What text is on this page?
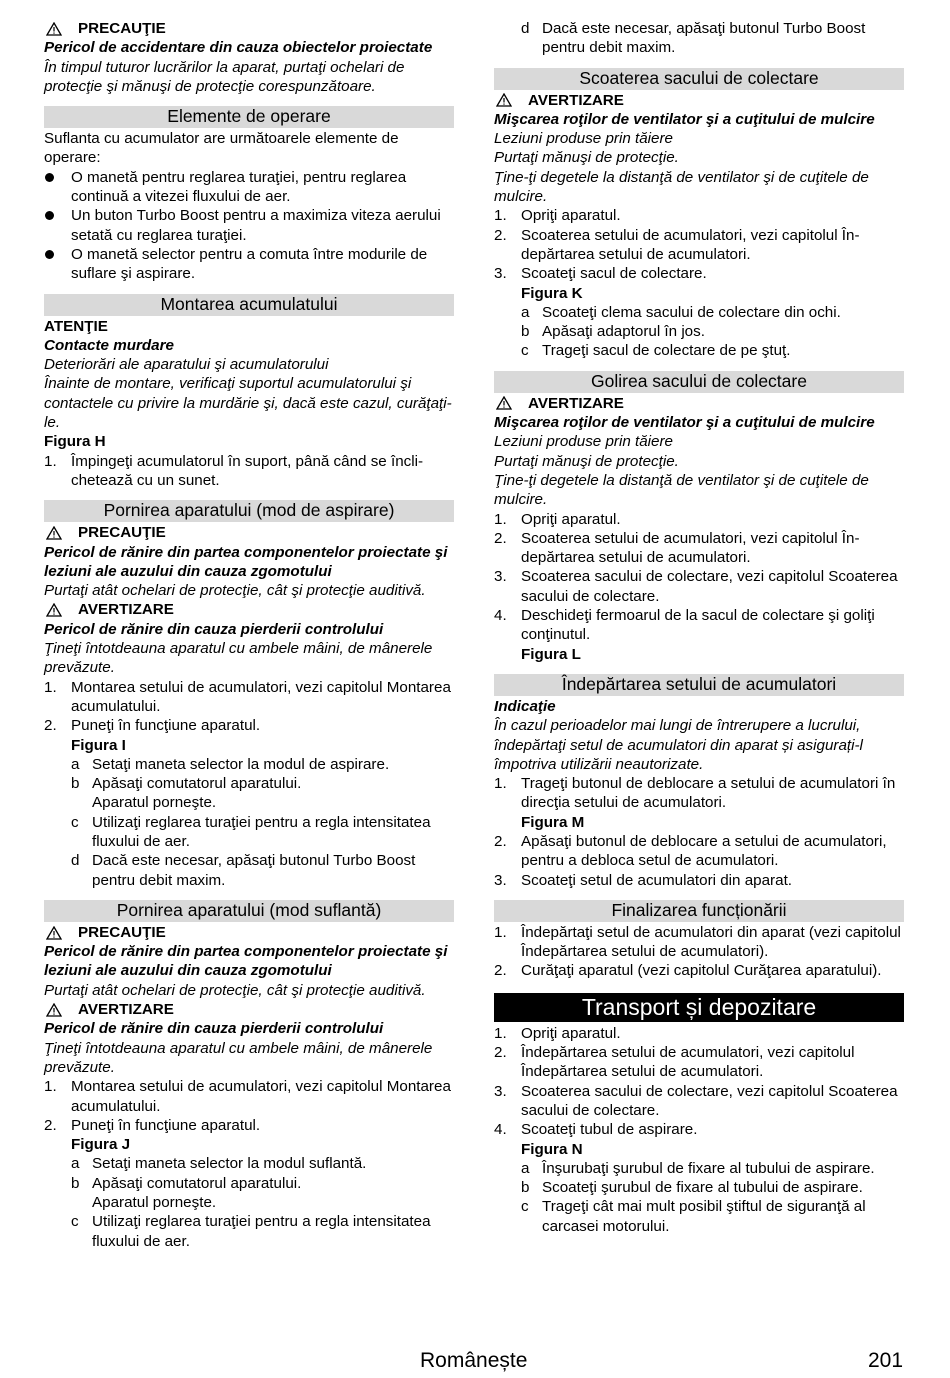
PRECAUŢIE

Pericol de accidentare din cauza obiectelor proiectate

În timpul tuturor lucrărilor la aparat, purtaţi ochelari de protecţie şi mănuşi de protecţie corespunzătoare.

Elemente de operare

Suflanta cu acumulator are următoarele elemente de operare:

O manetă pentru reglarea turaţiei, pentru reglarea continuă a vitezei fluxului de aer.
Un buton Turbo Boost pentru a maximiza viteza aerului setată cu reglarea turaţiei.
O manetă selector pentru a comuta între modurile de suflare şi aspirare.
Montarea acumulatului

ATENŢIE

Contacte murdare

Deteriorări ale aparatului şi acumulatorului

Înainte de montare, verificaţi suportul acumulatorului şi contactele cu privire la murdărie şi, dacă este cazul, curăţaţi-le.

Figura H

1. Împingeţi acumulatorul în suport, până când se înclichetează cu un sunet.
Pornirea aparatului (mod de aspirare)
PRECAUŢIE

Pericol de rănire din partea componentelor proiectate şi leziuni ale auzului din cauza zgomotului

Purtaţi atât ochelari de protecţie, cât şi protecţie auditivă.

AVERTIZARE

Pericol de rănire din cauza pierderii controlului

Ţineţi întotdeauna aparatul cu ambele mâini, de mânerele prevăzute.

1. Montarea setului de acumulatori, vezi capitolul Montarea acumulatului.
2. Puneţi în funcţiune aparatul.

Figura I

a Setaţi maneta selector la modul de aspirare.
b Apăsaţi comutatorul aparatului.
Aparatul porneşte.
c Utilizaţi reglarea turaţiei pentru a regla intensitatea fluxului de aer.
d Dacă este necesar, apăsaţi butonul Turbo Boost pentru debit maxim.
Pornirea aparatului (mod suflantă)
PRECAUŢIE

Pericol de rănire din partea componentelor proiectate şi leziuni ale auzului din cauza zgomotului

Purtaţi atât ochelari de protecţie, cât şi protecţie auditivă.

AVERTIZARE

Pericol de rănire din cauza pierderii controlului

Ţineţi întotdeauna aparatul cu ambele mâini, de mânerele prevăzute.

1. Montarea setului de acumulatori, vezi capitolul Montarea acumulatului.
2. Puneţi în funcţiune aparatul.

Figura J

a Setaţi maneta selector la modul suflantă.
b Apăsaţi comutatorul aparatului.
Aparatul porneşte.
c Utilizaţi reglarea turaţiei pentru a regla intensitatea fluxului de aer.
d Dacă este necesar, apăsaţi butonul Turbo Boost pentru debit maxim.
Scoaterea sacului de colectare
AVERTIZARE

Mişcarea roţilor de ventilator şi a cuţitului de mulcire

Leziuni produse prin tăiere

Purtaţi mănuşi de protecţie.

Ţine-ţi degetele la distanţă de ventilator şi de cuţitele de mulcire.

1. Opriţi aparatul.
2. Scoaterea setului de acumulatori, vezi capitolul Îndepărtarea setului de acumulatori.
3. Scoateţi sacul de colectare.

Figura K

a Scoateţi clema sacului de colectare din ochi.
b Apăsaţi adaptorul în jos.
c Trageţi sacul de colectare de pe ştuţ.
Golirea sacului de colectare
AVERTIZARE

Mişcarea roţilor de ventilator şi a cuţitului de mulcire

Leziuni produse prin tăiere

Purtaţi mănuşi de protecţie.

Ţine-ţi degetele la distanţă de ventilator şi de cuţitele de mulcire.

1. Opriţi aparatul.
2. Scoaterea setului de acumulatori, vezi capitolul Îndepărtarea setului de acumulatori.
3. Scoaterea sacului de colectare, vezi capitolul Scoaterea sacului de colectare.
4. Deschideţi fermoarul de la sacul de colectare şi goliţi conţinutul.

Figura L

Îndepărtarea setului de acumulatori

Indicaţie

În cazul perioadelor mai lungi de întrerupere a lucrului, îndepărtaţi setul de acumulatori din aparat și asigurați-l împotriva utilizării neautorizate.

1. Trageţi butonul de deblocare a setului de acumulatori în direcţia setului de acumulatori.

Figura M

2. Apăsaţi butonul de deblocare a setului de acumulatori, pentru a debloca setul de acumulatori.
3. Scoateţi setul de acumulatori din aparat.
Finalizarea funcționării
1. Îndepărtaţi setul de acumulatori din aparat (vezi capitolul Îndepărtarea setului de acumulatori).
2. Curăţaţi aparatul (vezi capitolul Curăţarea aparatului).
Transport și depozitare
1. Opriţi aparatul.
2. Îndepărtarea setului de acumulatori, vezi capitolul Îndepărtarea setului de acumulatori.
3. Scoaterea sacului de colectare, vezi capitolul Scoaterea sacului de colectare.
4. Scoateţi tubul de aspirare.

Figura N

a Înşurubaţi şurubul de fixare al tubului de aspirare.
b Scoateţi şurubul de fixare al tubului de aspirare.
c Trageţi cât mai mult posibil ştiftul de siguranţă al carcasei motorului.
Românește	201
